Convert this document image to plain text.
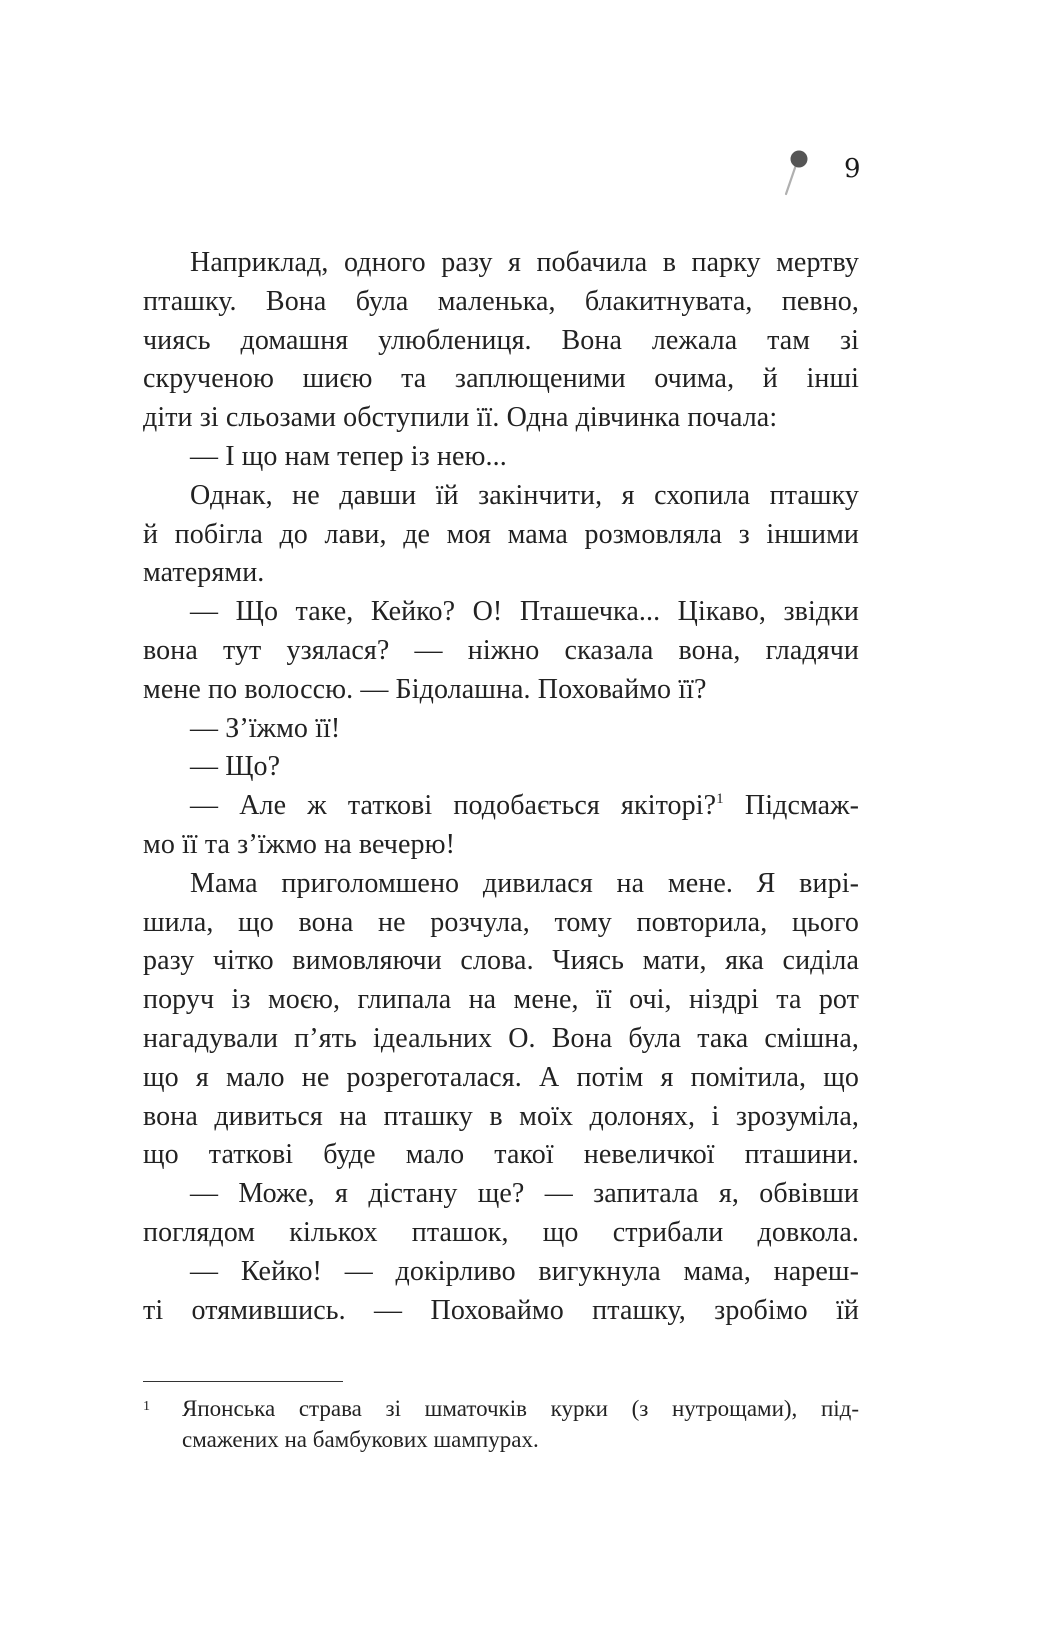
9
Наприклад, одного разу я побачила в парку мертву
пташку. Вона була маленька, блакитнувата, певно,
чиясь домашня улюблениця. Вона лежала там зі
скрученою шиєю та заплющеними очима, й інші
діти зі сльозами обступили її. Одна дівчинка почала:
— І що нам тепер із нею...
Однак, не давши їй закінчити, я схопила пташку
й побігла до лави, де моя мама розмовляла з іншими
матерями.
— Що таке, Кейко? О! Пташечка... Цікаво, звідки
вона тут узялася? — ніжно сказала вона, гладячи
мене по волоссю. — Бідолашна. Поховаймо її?
— З’їжмо її!
— Що?
— Але ж таткові подобається якіторі?$^1$ Підсмаж-
мо її та з’їжмо на вечерю!
Мама приголомшено дивилася на мене. Я вирі-
шила, що вона не розчула, тому повторила, цього
разу чітко вимовляючи слова. Чиясь мати, яка сиділа
поруч із моєю, глипала на мене, її очі, ніздрі та рот
нагадували п’ять ідеальних О. Вона була така смішна,
що я мало не розреготалася. А потім я помітила, що
вона дивиться на пташку в моїх долонях, і зрозуміла,
що таткові буде мало такої невеличкої пташини.
— Може, я дістану ще? — запитала я, обвівши
поглядом кількох пташок, що стрибали довкола.
— Кейко! — докірливо вигукнула мама, нареш-
ті отямившись. — Поховаймо пташку, зробімо їй
1 Японська страва зі шматочків курки (з нутрощами), під-
смажених на бамбукових шампурах.
